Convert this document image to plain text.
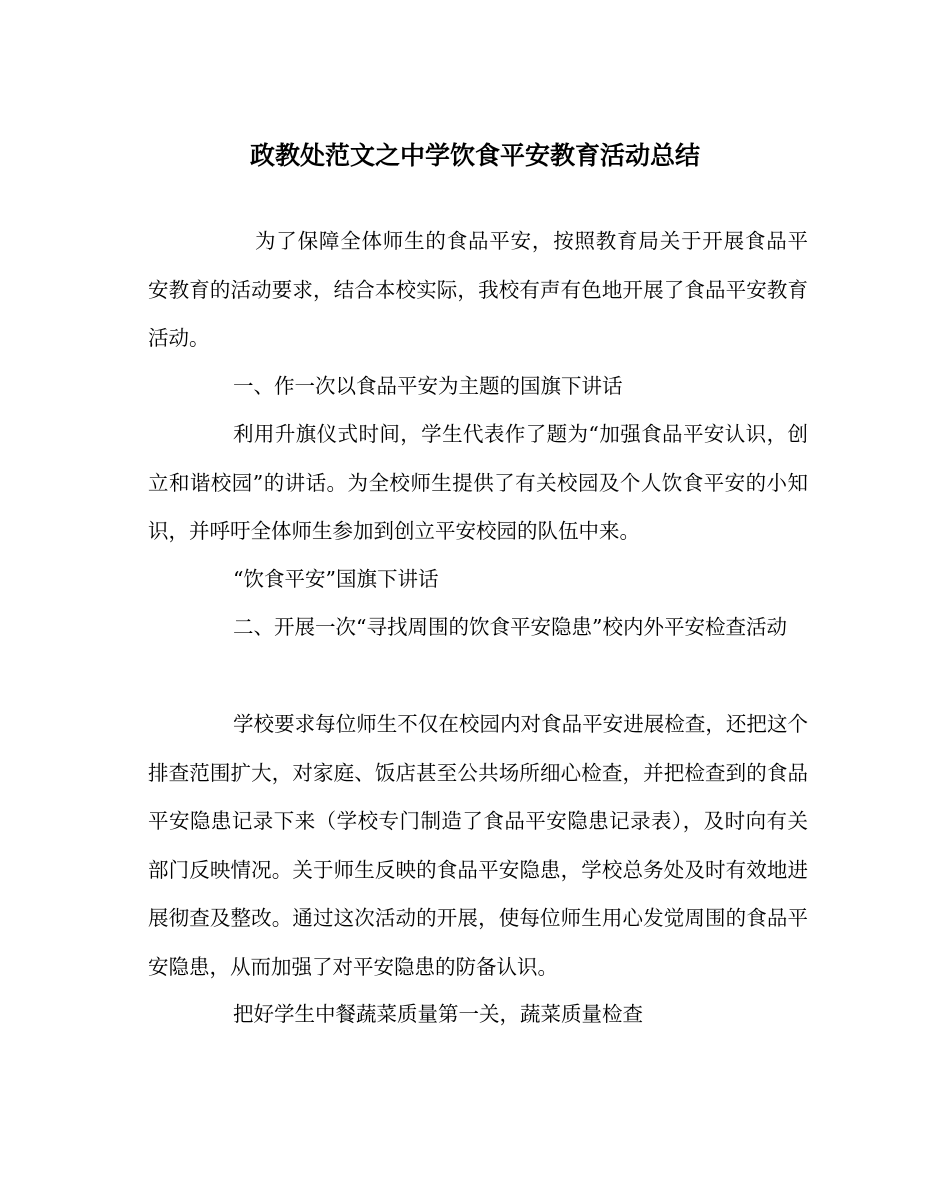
政教处范文之中学饮食平安教育活动总结

为了保障全体师生的食品平安，按照教育局关于开展食品平安教育的活动要求，结合本校实际，我校有声有色地开展了食品平安教育活动。

一、作一次以食品平安为主题的国旗下讲话

利用升旗仪式时间，学生代表作了题为“加强食品平安认识，创立和谐校园”的讲话。为全校师生提供了有关校园及个人饮食平安的小知识，并呼吁全体师生参加到创立平安校园的队伍中来。

“饮食平安”国旗下讲话

二、开展一次“寻找周围的饮食平安隐患”校内外平安检查活动

学校要求每位师生不仅在校园内对食品平安进展检查，还把这个排查范围扩大，对家庭、饭店甚至公共场所细心检查，并把检查到的食品平安隐患记录下来（学校专门制造了食品平安隐患记录表），及时向有关部门反映情况。关于师生反映的食品平安隐患，学校总务处及时有效地进展彻查及整改。通过这次活动的开展，使每位师生用心发觉周围的食品平安隐患，从而加强了对平安隐患的防备认识。

把好学生中餐蔬菜质量第一关，蔬菜质量检查
